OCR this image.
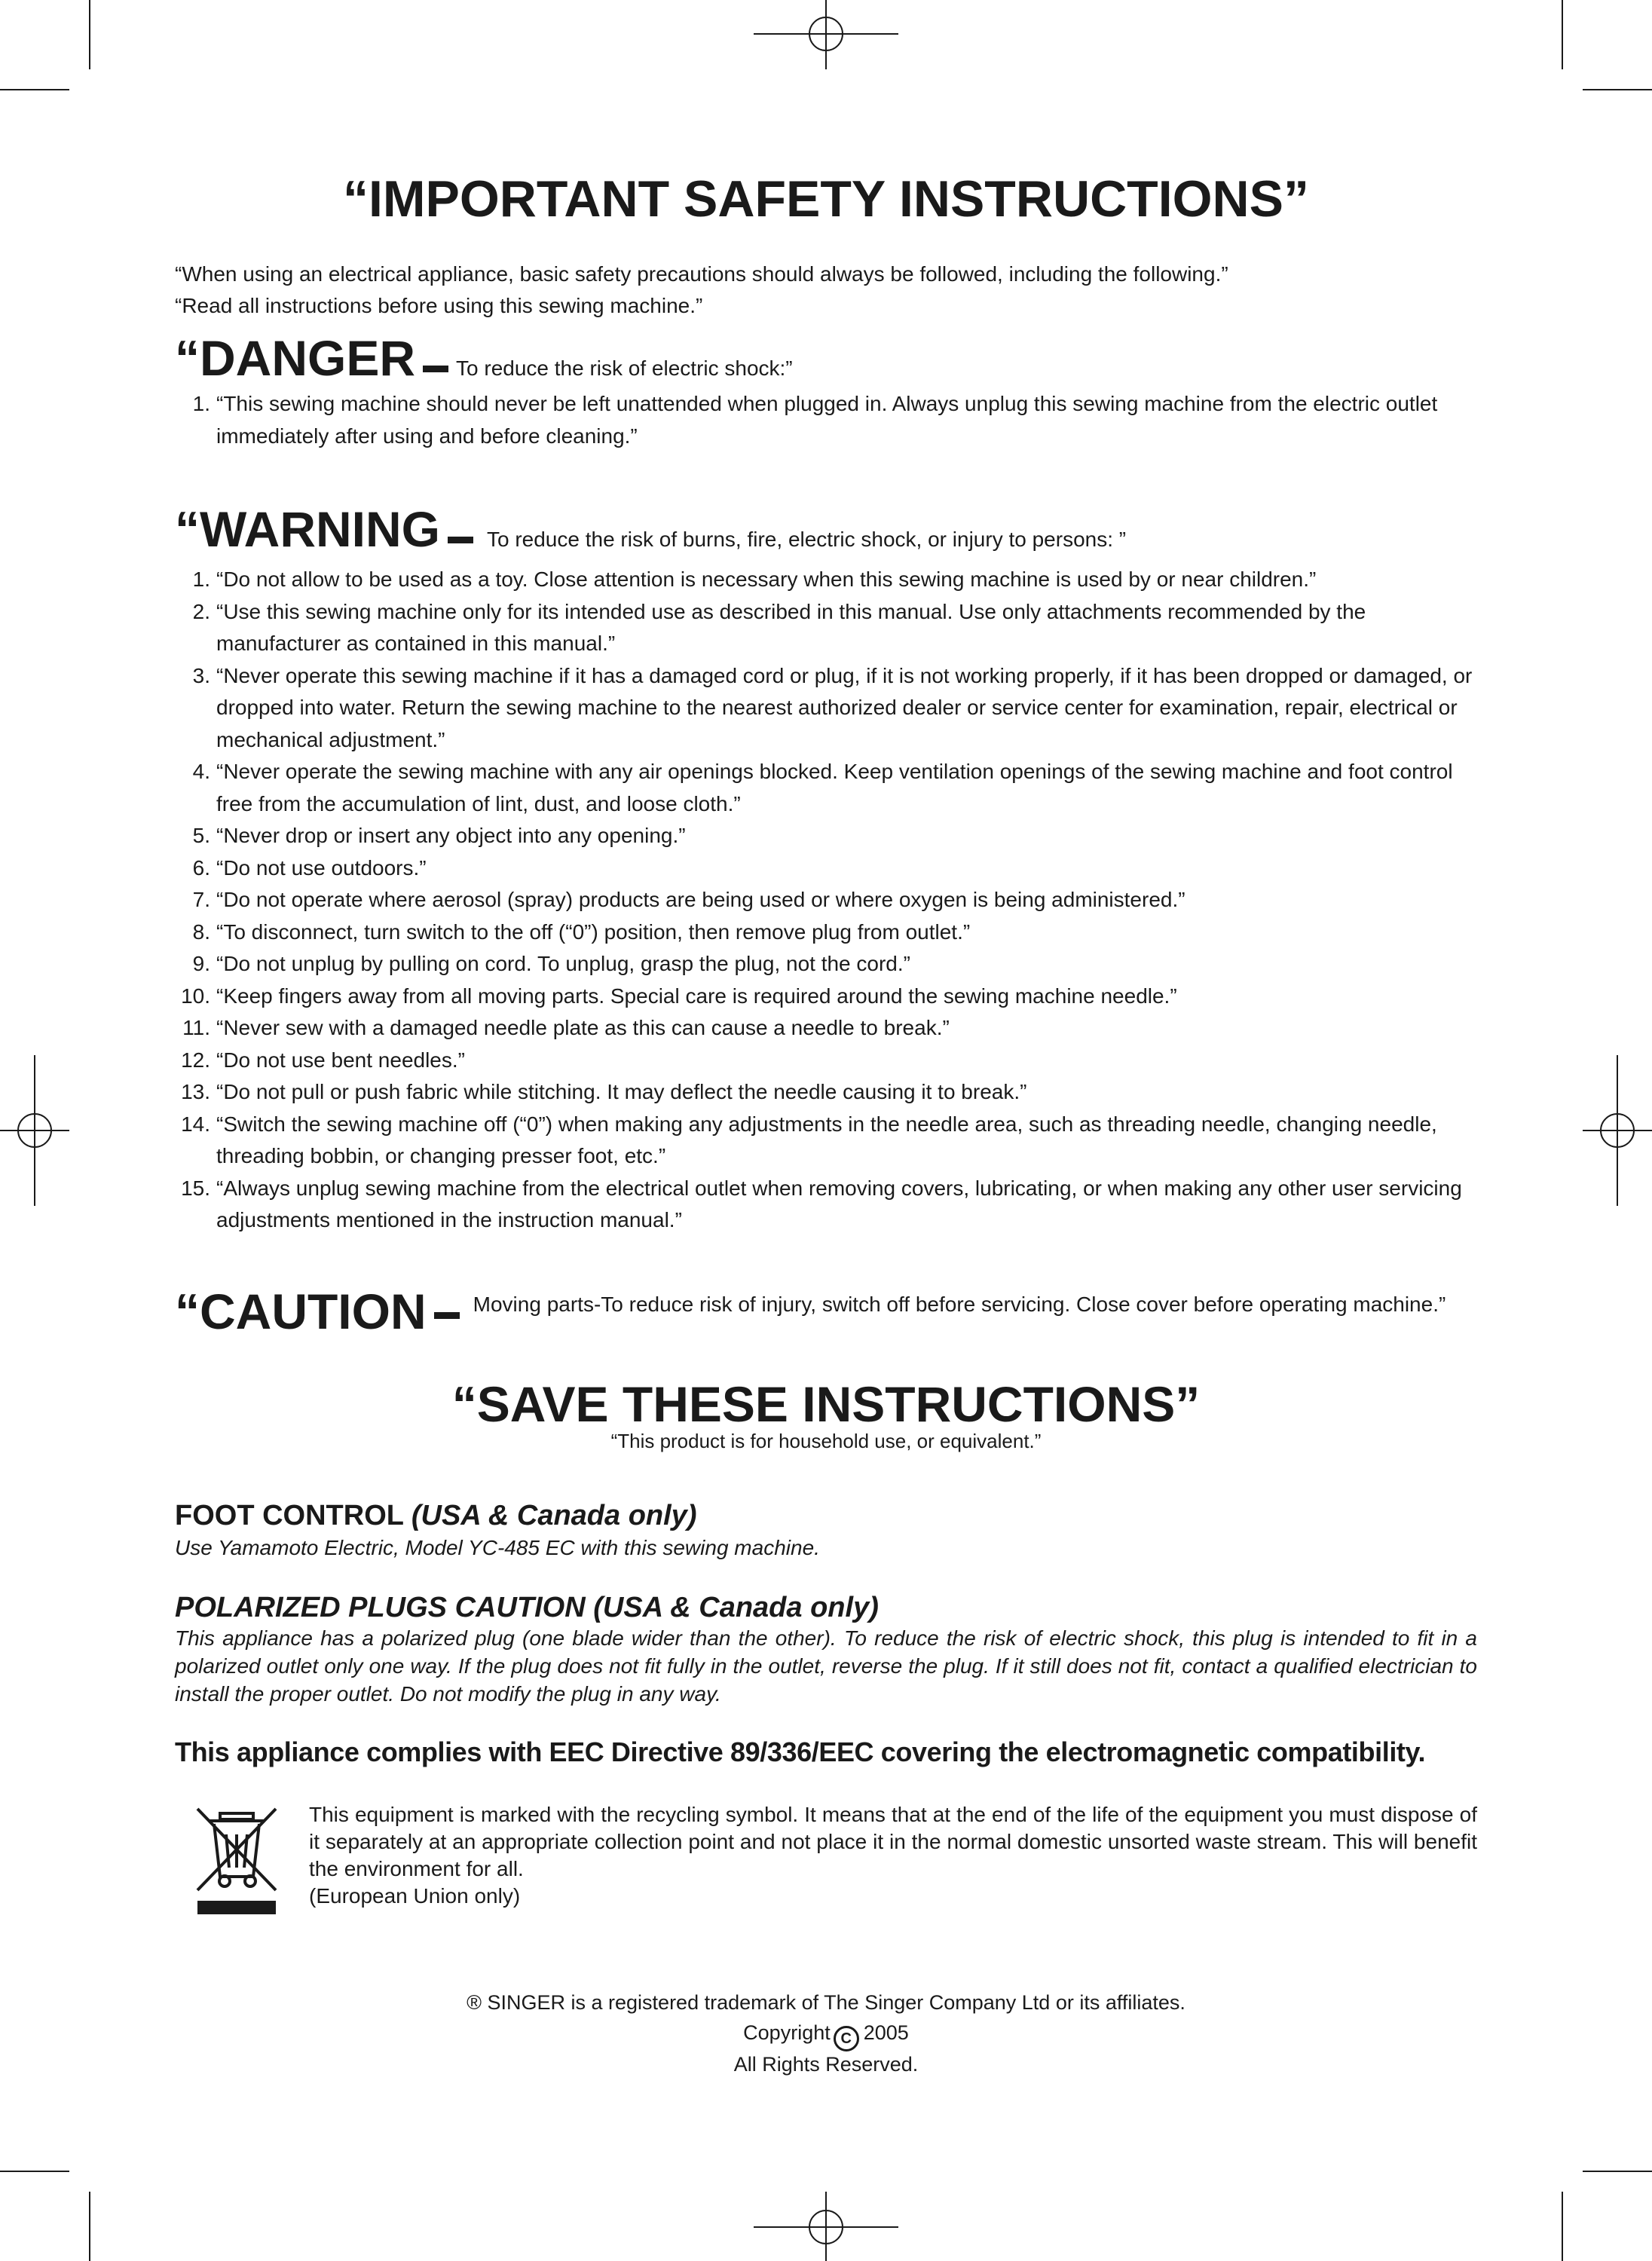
“IMPORTANT SAFETY INSTRUCTIONS”

“When using an electrical appliance, basic safety precautions should always be followed, including the following.”

“Read all instructions before using this sewing machine.”

“DANGER To reduce the risk of electric shock:”
1. “This sewing machine should never be left unattended when plugged in. Always unplug this sewing machine from the electric outlet immediately after using and before cleaning.”
“WARNING To reduce the risk of burns, fire, electric shock, or injury to persons: ”
1. “Do not allow to be used as a toy. Close attention is necessary when this sewing machine is used by or near children.”
2. “Use this sewing machine only for its intended use as described in this manual. Use only attachments recommended by the manufacturer as contained in this manual.”
3. “Never operate this sewing machine if it has a damaged cord or plug, if it is not working properly, if it has been dropped or damaged, or dropped into water. Return the sewing machine to the nearest authorized dealer or service center for examination, repair, electrical or mechanical adjustment.”
4. “Never operate the sewing machine with any air openings blocked. Keep ventilation openings of the sewing machine and foot control free from the accumulation of lint, dust, and loose cloth.”
5. “Never drop or insert any object into any opening.”
6. “Do not use outdoors.”
7. “Do not operate where aerosol (spray) products are being used or where oxygen is being administered.”
8. “To disconnect, turn switch to the off (“0”) position, then remove plug from outlet.”
9. “Do not unplug by pulling on cord. To unplug, grasp the plug, not the cord.”
10. “Keep fingers away from all moving parts. Special care is required around the sewing machine needle.”
11. “Never sew with a damaged needle plate as this can cause a needle to break.”
12. “Do not use bent needles.”
13. “Do not pull or push fabric while stitching. It may deflect the needle causing it to break.”
14. “Switch the sewing machine off (“0”) when making any adjustments in the needle area, such as threading needle, changing needle, threading bobbin, or changing presser foot, etc.”
15. “Always unplug sewing machine from the electrical outlet when removing covers, lubricating, or when making any other user servicing adjustments mentioned in the instruction manual.”
“CAUTION Moving parts-To reduce risk of injury, switch off before servicing. Close cover before operating machine.”
“SAVE THESE INSTRUCTIONS”
“This product is for household use, or equivalent.”
FOOT CONTROL (USA & Canada only)
Use Yamamoto Electric, Model YC-485 EC with this sewing machine.
POLARIZED PLUGS CAUTION (USA & Canada only)
This appliance has a polarized plug (one blade wider than the other). To reduce the risk of electric shock, this plug is intended to fit in a polarized outlet only one way. If the plug does not fit fully in the outlet, reverse the plug. If it still does not fit, contact a qualified electrician to install the proper outlet. Do not modify the plug in any way.
This appliance complies with EEC Directive 89/336/EEC covering the electromagnetic compatibility.
This equipment is marked with the recycling symbol. It means that at the end of the life of the equipment you must dispose of it separately at an appropriate collection point and not place it in the normal domestic unsorted waste stream. This will benefit the environment for all.
(European Union only)
® SINGER is a registered trademark of The Singer Company Ltd or its affiliates.
Copyright C 2005
All Rights Reserved.
